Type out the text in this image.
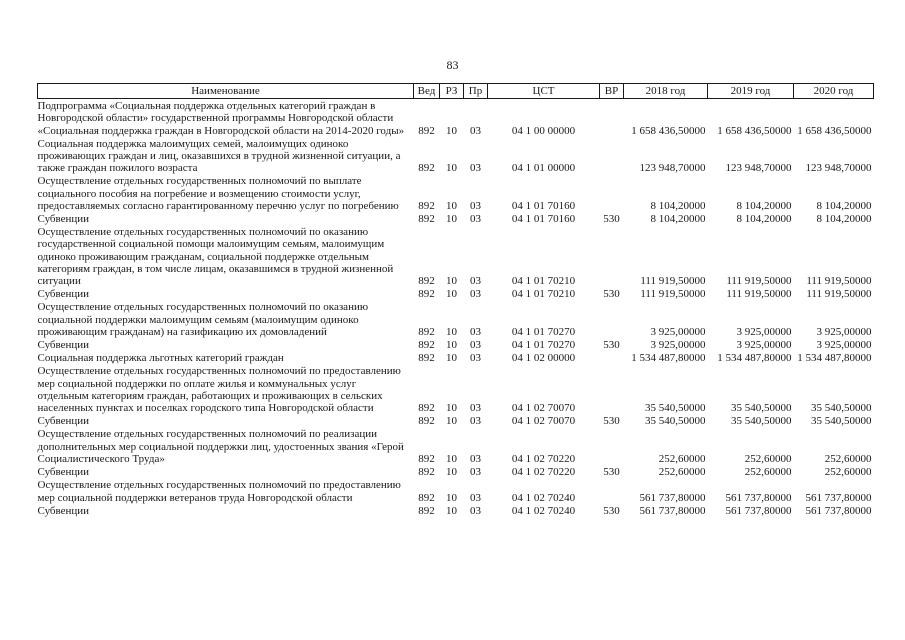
83
Наименование	Вед	РЗ	Пр	ЦСТ	ВР	2018 год	2019 год	2020 год
Подпрограмма «Социальная поддержка отдельных категорий граждан в Новгородской области» государственной программы Новгородской области «Социальная поддержка граждан в Новгородской области на 2014-2020 годы»	892	10	03	04 1 00 00000		1 658 436,50000	1 658 436,50000	1 658 436,50000
Социальная поддержка малоимущих семей, малоимущих одиноко проживающих граждан и лиц, оказавшихся в трудной жизненной ситуации, а также граждан пожилого возраста	892	10	03	04 1 01 00000		123 948,70000	123 948,70000	123 948,70000
Осуществление отдельных государственных полномочий по выплате социального пособия на погребение и возмещению стоимости услуг, предоставляемых согласно гарантированному перечню услуг по погребению	892	10	03	04 1 01 70160		8 104,20000	8 104,20000	8 104,20000
Субвенции	892	10	03	04 1 01 70160	530	8 104,20000	8 104,20000	8 104,20000
Осуществление отдельных государственных полномочий по оказанию государственной социальной помощи малоимущим семьям, малоимущим одиноко проживающим гражданам, социальной поддержке отдельным категориям граждан, в том числе лицам, оказавшимся в трудной жизненной ситуации	892	10	03	04 1 01 70210		111 919,50000	111 919,50000	111 919,50000
Субвенции	892	10	03	04 1 01 70210	530	111 919,50000	111 919,50000	111 919,50000
Осуществление отдельных государственных полномочий по оказанию социальной поддержки малоимущим семьям (малоимущим одиноко проживающим гражданам) на газификацию их домовладений	892	10	03	04 1 01 70270		3 925,00000	3 925,00000	3 925,00000
Субвенции	892	10	03	04 1 01 70270	530	3 925,00000	3 925,00000	3 925,00000
Социальная поддержка льготных категорий граждан	892	10	03	04 1 02 00000		1 534 487,80000	1 534 487,80000	1 534 487,80000
Осуществление отдельных государственных полномочий по предоставлению мер социальной поддержки по оплате жилья и коммунальных услуг отдельным категориям граждан, работающих и проживающих в сельских населенных пунктах и поселках городского типа Новгородской области	892	10	03	04 1 02 70070		35 540,50000	35 540,50000	35 540,50000
Субвенции	892	10	03	04 1 02 70070	530	35 540,50000	35 540,50000	35 540,50000
Осуществление отдельных государственных полномочий по реализации дополнительных мер социальной поддержки лиц, удостоенных звания «Герой Социалистического Труда»	892	10	03	04 1 02 70220		252,60000	252,60000	252,60000
Субвенции	892	10	03	04 1 02 70220	530	252,60000	252,60000	252,60000
Осуществление отдельных государственных полномочий по предоставлению мер социальной поддержки ветеранов труда Новгородской области	892	10	03	04 1 02 70240		561 737,80000	561 737,80000	561 737,80000
Субвенции	892	10	03	04 1 02 70240	530	561 737,80000	561 737,80000	561 737,80000
